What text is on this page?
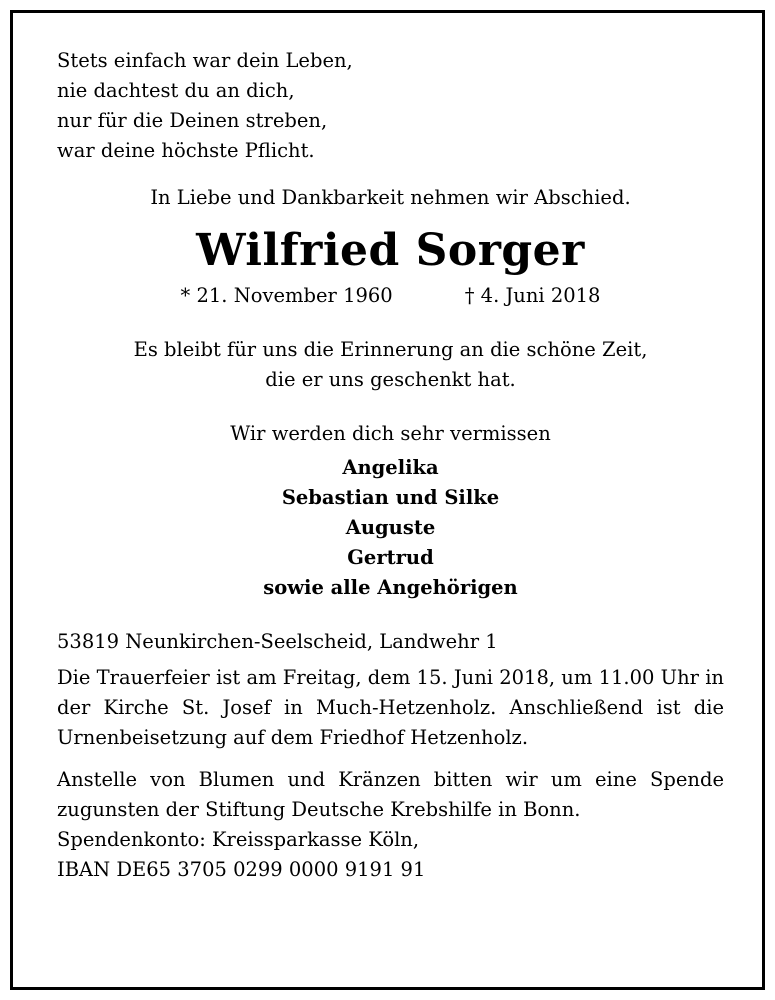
Stets einfach war dein Leben,
nie dachtest du an dich,
nur für die Deinen streben,
war deine höchste Pflicht.
In Liebe und Dankbarkeit nehmen wir Abschied.
Wilfried Sorger
* 21. November 1960	† 4. Juni 2018
Es bleibt für uns die Erinnerung an die schöne Zeit,
die er uns geschenkt hat.
Wir werden dich sehr vermissen
Angelika
Sebastian und Silke
Auguste
Gertrud
sowie alle Angehörigen
53819 Neunkirchen-Seelscheid, Landwehr 1
Die Trauerfeier ist am Freitag, dem 15. Juni 2018, um 11.00 Uhr in der Kirche St. Josef in Much-Hetzenholz. Anschließend ist die Urnenbeisetzung auf dem Friedhof Hetzenholz.
Anstelle von Blumen und Kränzen bitten wir um eine Spende zugunsten der Stiftung Deutsche Krebshilfe in Bonn.
Spendenkonto: Kreissparkasse Köln,
IBAN DE65 3705 0299 0000 9191 91
